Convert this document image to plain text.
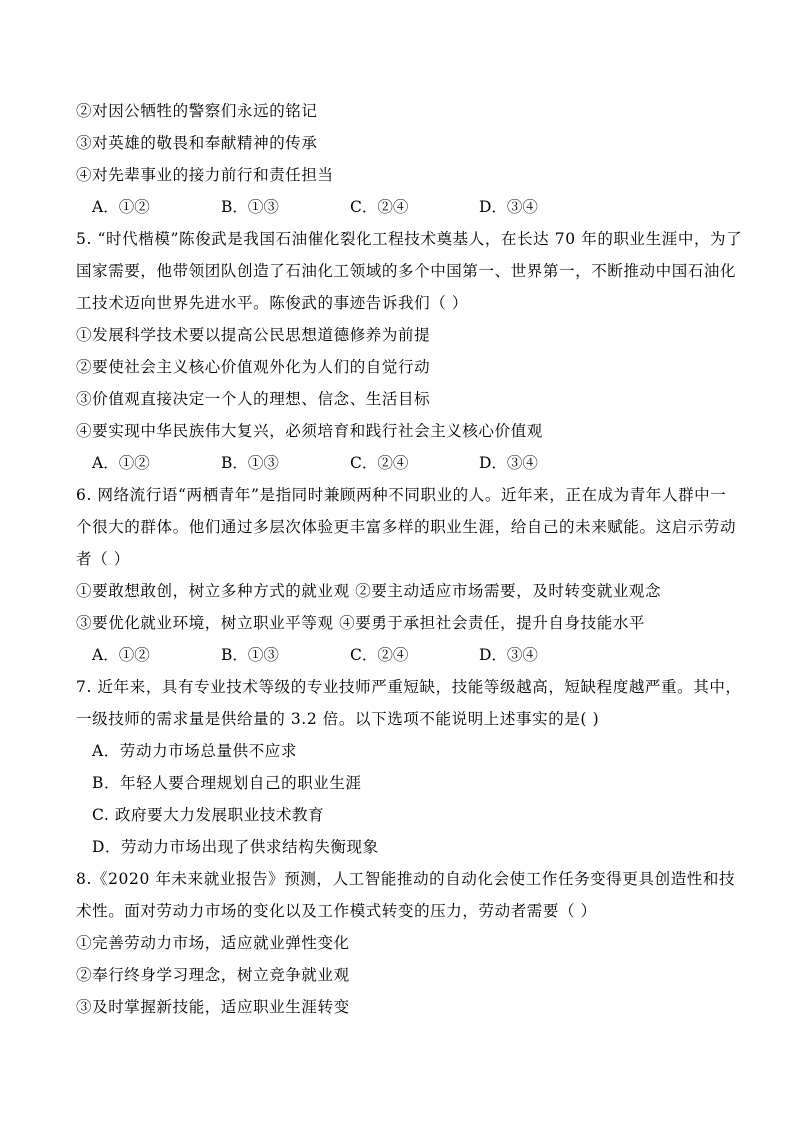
②对因公牺牲的警察们永远的铭记
③对英雄的敬畏和奉献精神的传承
④对先辈事业的接力前行和责任担当
A．①②	B．①③	C．②④	D．③④
5. “时代楷模”陈俊武是我国石油催化裂化工程技术奠基人，在长达 70 年的职业生涯中，为了
国家需要，他带领团队创造了石油化工领域的多个中国第一、世界第一，不断推动中国石油化
工技术迈向世界先进水平。陈俊武的事迹告诉我们（ ）
①发展科学技术要以提高公民思想道德修养为前提
②要使社会主义核心价值观外化为人们的自觉行动
③价值观直接决定一个人的理想、信念、生活目标
④要实现中华民族伟大复兴，必须培育和践行社会主义核心价值观
A．①②	B．①③	C．②④	D．③④
6. 网络流行语“两栖青年”是指同时兼顾两种不同职业的人。近年来，正在成为青年人群中一
个很大的群体。他们通过多层次体验更丰富多样的职业生涯，给自己的未来赋能。这启示劳动
者（ ）
①要敢想敢创，树立多种方式的就业观 ②要主动适应市场需要，及时转变就业观念
③要优化就业环境，树立职业平等观 ④要勇于承担社会责任，提升自身技能水平
A．①②	B．①③	C．②④	D．③④
7. 近年来，具有专业技术等级的专业技师严重短缺，技能等级越高，短缺程度越严重。其中，
一级技师的需求量是供给量的 3.2 倍。以下选项不能说明上述事实的是( )
A．劳动力市场总量供不应求
B．年轻人要合理规划自己的职业生涯
C. 政府要大力发展职业技术教育
D．劳动力市场出现了供求结构失衡现象
8.《2020 年未来就业报告》预测，人工智能推动的自动化会使工作任务变得更具创造性和技
术性。面对劳动力市场的变化以及工作模式转变的压力，劳动者需要（ ）
①完善劳动力市场，适应就业弹性变化
②奉行终身学习理念，树立竞争就业观
③及时掌握新技能，适应职业生涯转变
